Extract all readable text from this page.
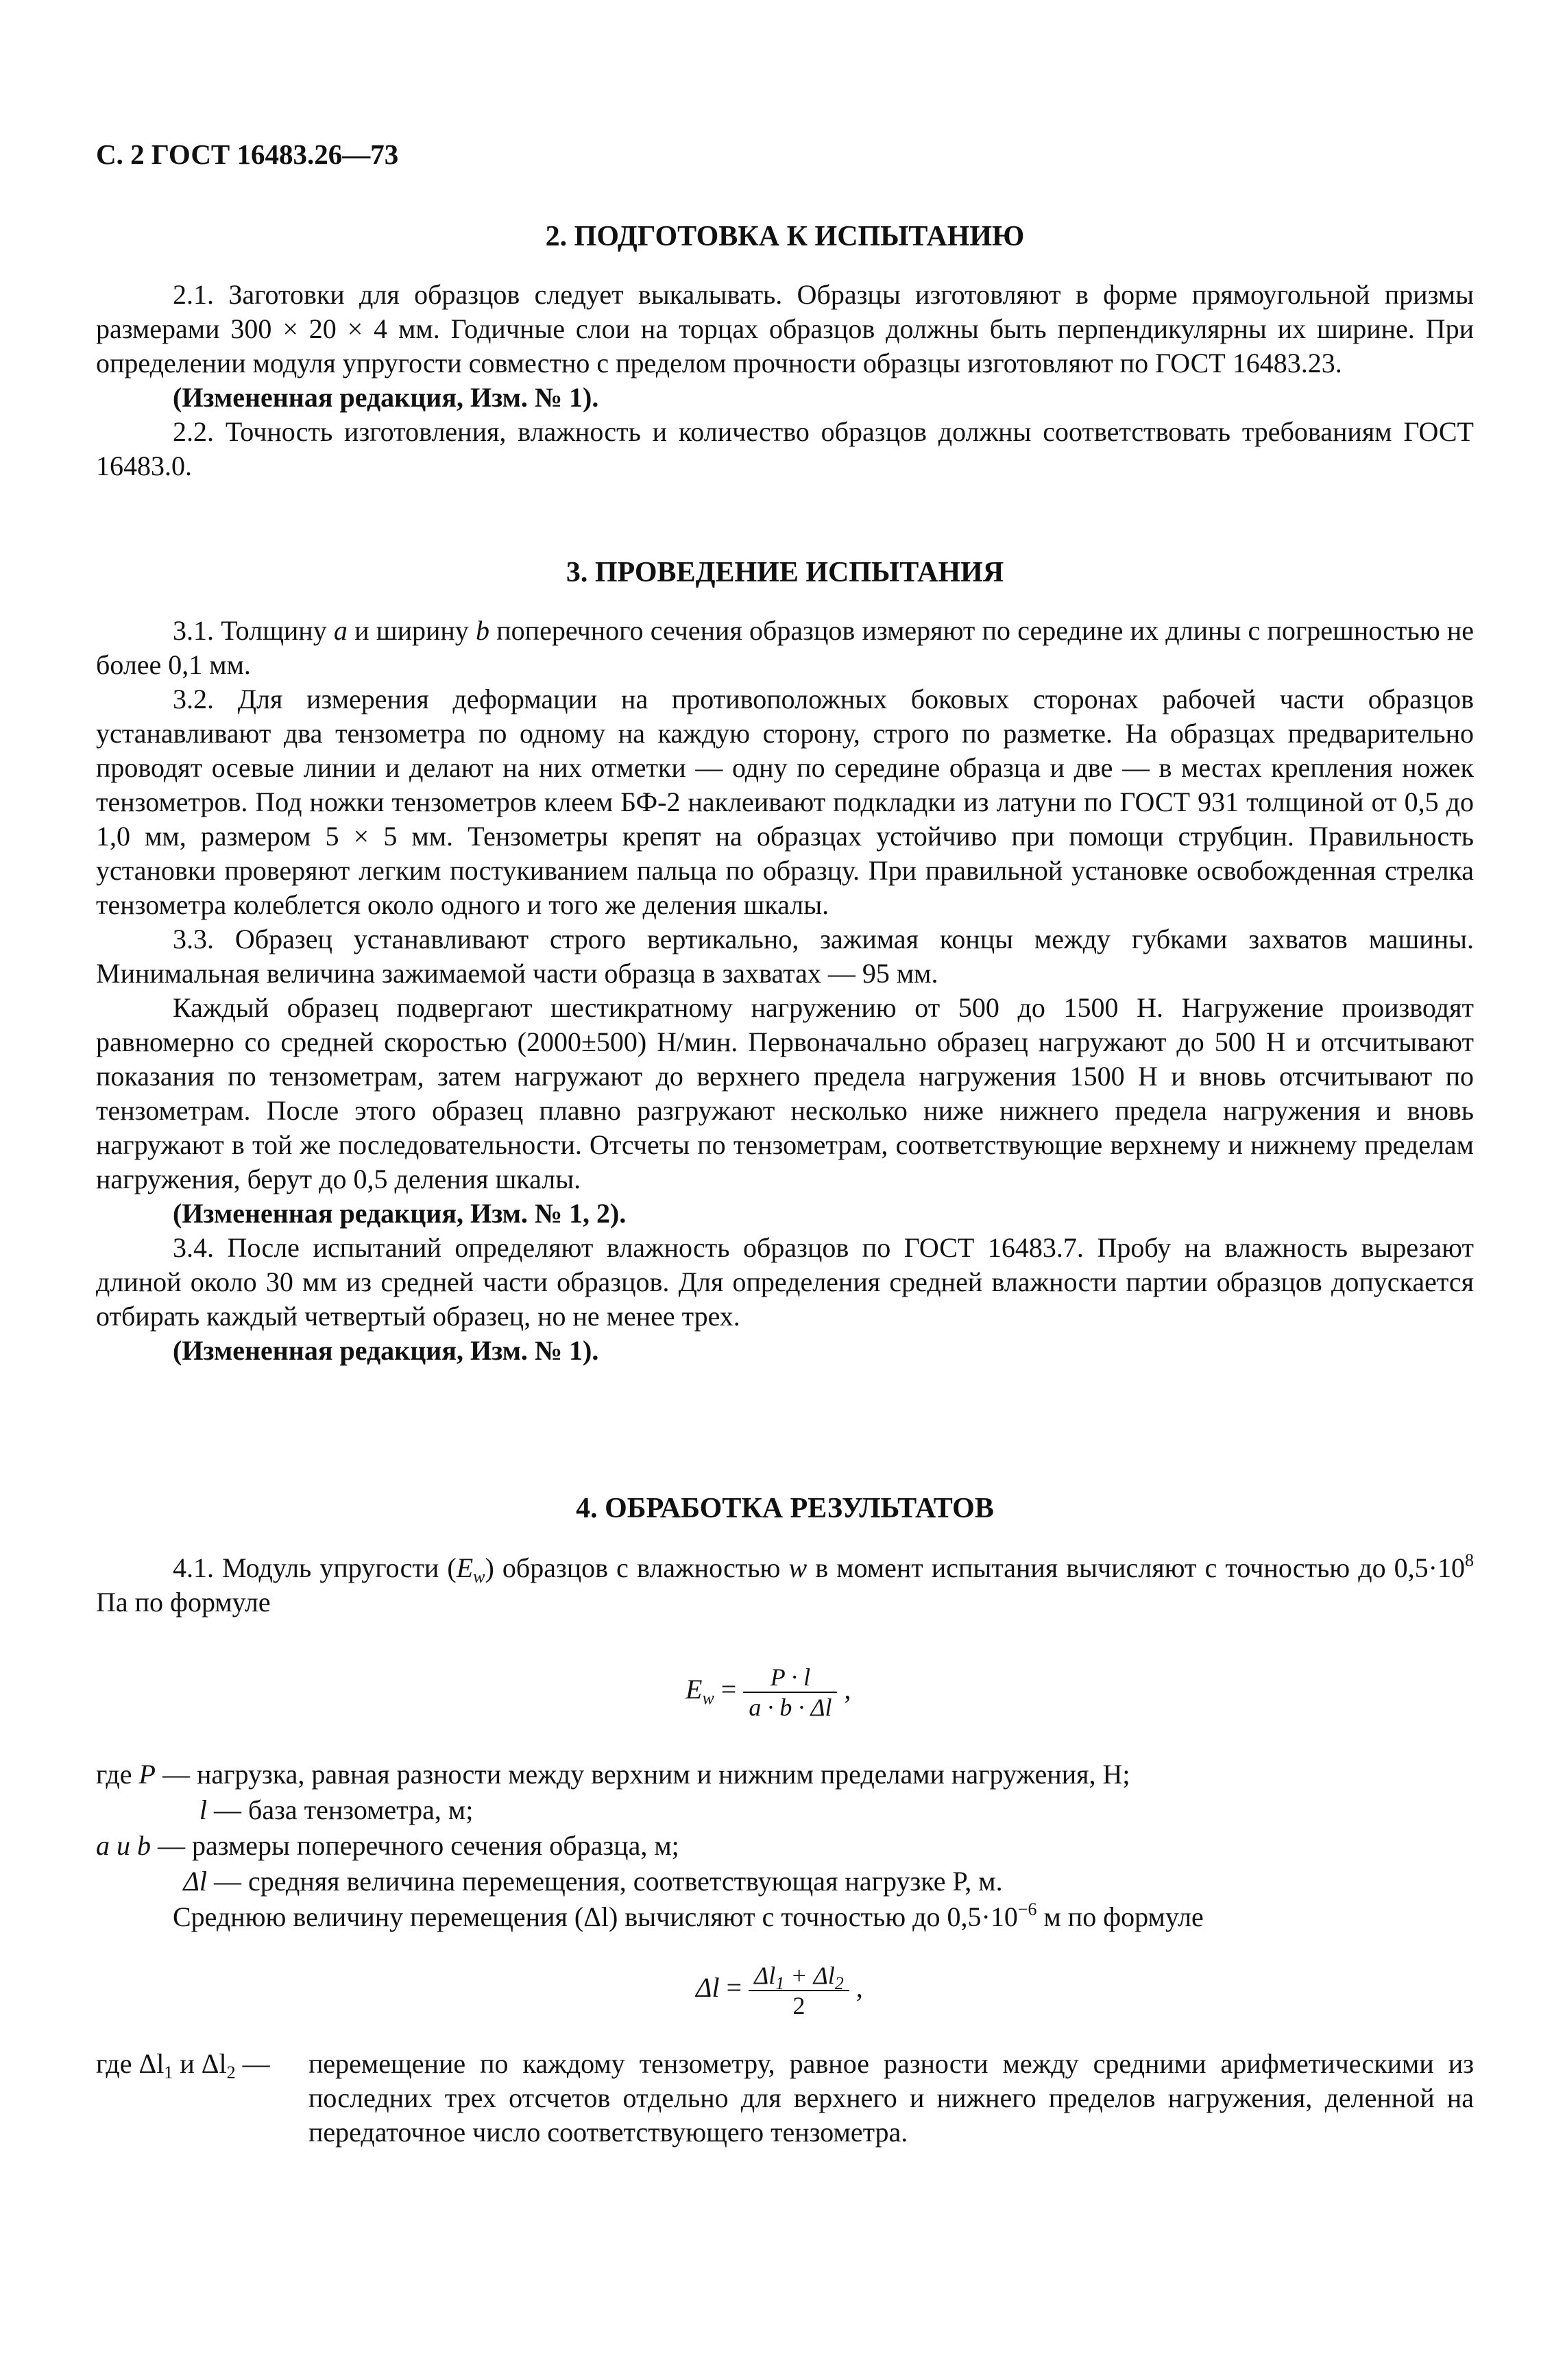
С. 2 ГОСТ 16483.26—73

2. ПОДГОТОВКА К ИСПЫТАНИЮ

2.1. Заготовки для образцов следует выкалывать. Образцы изготовляют в форме прямоугольной призмы размерами 300 × 20 × 4 мм. Годичные слои на торцах образцов должны быть перпендикулярны их ширине. При определении модуля упругости совместно с пределом прочности образцы изготовляют по ГОСТ 16483.23.

(Измененная редакция, Изм. № 1).

2.2. Точность изготовления, влажность и количество образцов должны соответствовать требованиям ГОСТ 16483.0.

3. ПРОВЕДЕНИЕ ИСПЫТАНИЯ

3.1. Толщину a и ширину b поперечного сечения образцов измеряют по середине их длины с погрешностью не более 0,1 мм.

3.2. Для измерения деформации на противоположных боковых сторонах рабочей части образцов устанавливают два тензометра по одному на каждую сторону, строго по разметке. На образцах предварительно проводят осевые линии и делают на них отметки — одну по середине образца и две — в местах крепления ножек тензометров. Под ножки тензометров клеем БФ-2 наклеивают подкладки из латуни по ГОСТ 931 толщиной от 0,5 до 1,0 мм, размером 5 × 5 мм. Тензометры крепят на образцах устойчиво при помощи струбцин. Правильность установки проверяют легким постукиванием пальца по образцу. При правильной установке освобожденная стрелка тензометра колеблется около одного и того же деления шкалы.

3.3. Образец устанавливают строго вертикально, зажимая концы между губками захватов машины. Минимальная величина зажимаемой части образца в захватах — 95 мм.

Каждый образец подвергают шестикратному нагружению от 500 до 1500 Н. Нагружение производят равномерно со средней скоростью (2000±500) Н/мин. Первоначально образец нагружают до 500 Н и отсчитывают показания по тензометрам, затем нагружают до верхнего предела нагружения 1500 Н и вновь отсчитывают по тензометрам. После этого образец плавно разгружают несколько ниже нижнего предела нагружения и вновь нагружают в той же последовательности. Отсчеты по тензометрам, соответствующие верхнему и нижнему пределам нагружения, берут до 0,5 деления шкалы.

(Измененная редакция, Изм. № 1, 2).

3.4. После испытаний определяют влажность образцов по ГОСТ 16483.7. Пробу на влажность вырезают длиной около 30 мм из средней части образцов. Для определения средней влажности партии образцов допускается отбирать каждый четвертый образец, но не менее трех.

(Измененная редакция, Изм. № 1).

4. ОБРАБОТКА РЕЗУЛЬТАТОВ

4.1. Модуль упругости $(E_w)$ образцов с влажностью w в момент испытания вычисляют с точностью до $0,5\cdot 10^8$ Па по формуле

$E_w = \frac{P \cdot l}{a \cdot b \cdot \Delta l}$ ,
где P — нагрузка, равная разности между верхним и нижним пределами нагружения, Н;
l — база тензометра, м;
a и b — размеры поперечного сечения образца, м;
Δl — средняя величина перемещения, соответствующая нагрузке P, м.

Среднюю величину перемещения (Δl) вычисляют с точностью до $0,5\cdot 10^{-6}$ м по формуле

$\Delta l = \frac{\Delta l_1 + \Delta l_2}{2}$ ,
где $\Delta l_1$ и $\Delta l_2$ —	перемещение по каждому тензометру, равное разности между средними арифметическими из последних трех отсчетов отдельно для верхнего и нижнего пределов нагружения, деленной на передаточное число соответствующего тензометра.
